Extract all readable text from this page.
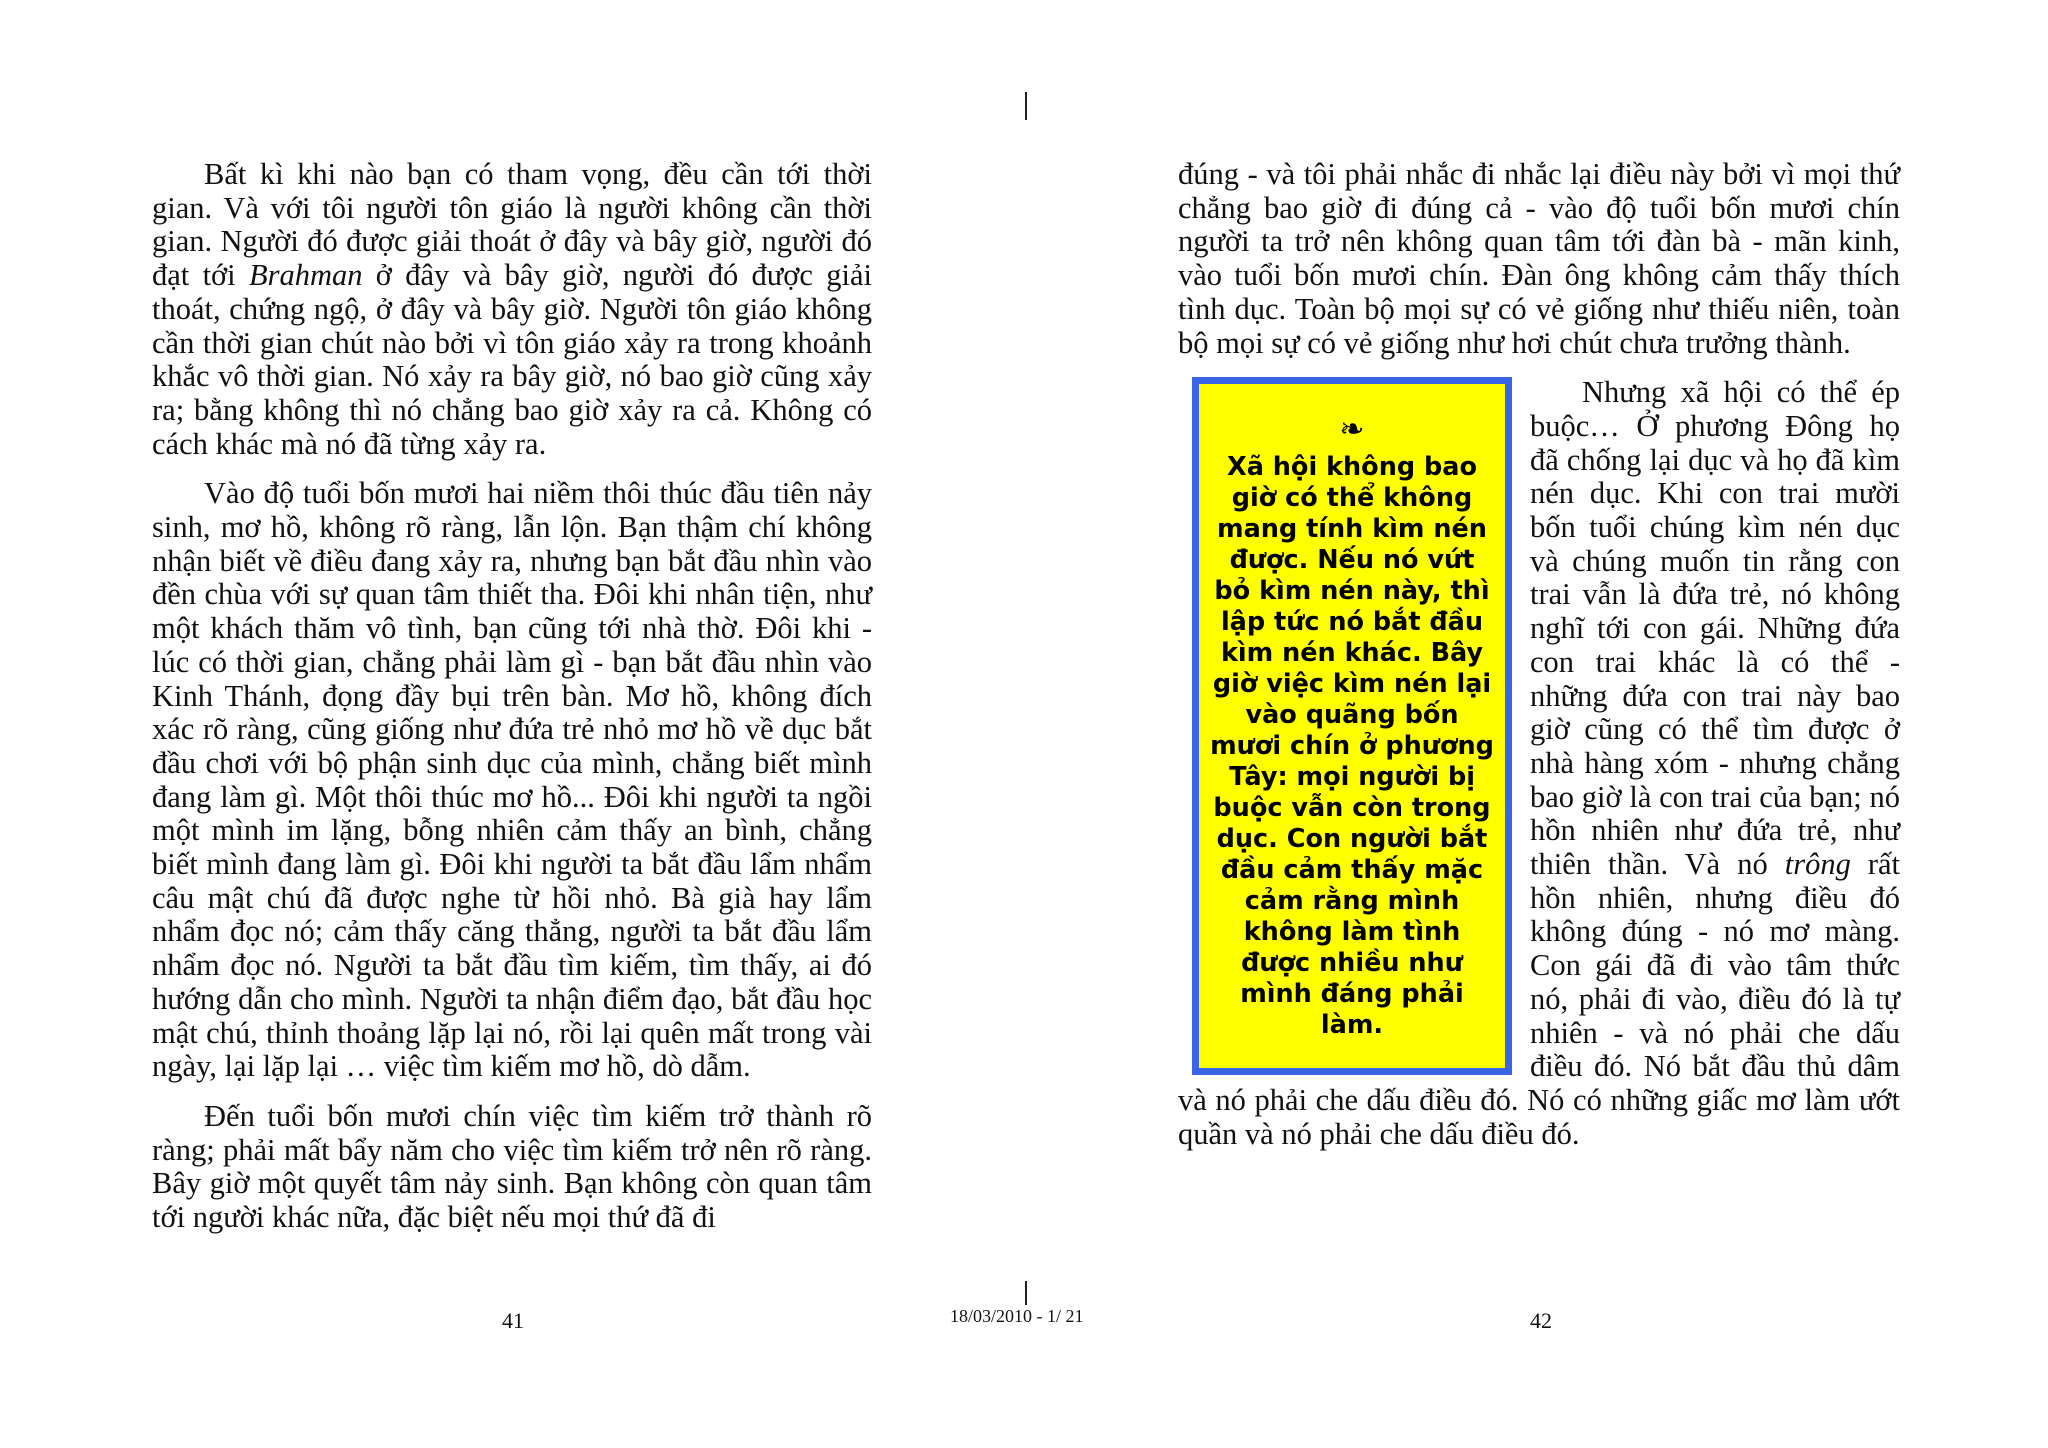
Bất kì khi nào bạn có tham vọng, đều cần tới thời gian. Và với tôi người tôn giáo là người không cần thời gian. Người đó được giải thoát ở đây và bây giờ, người đó đạt tới Brahman ở đây và bây giờ, người đó được giải thoát, chứng ngộ, ở đây và bây giờ. Người tôn giáo không cần thời gian chút nào bởi vì tôn giáo xảy ra trong khoảnh khắc vô thời gian. Nó xảy ra bây giờ, nó bao giờ cũng xảy ra; bằng không thì nó chẳng bao giờ xảy ra cả. Không có cách khác mà nó đã từng xảy ra.

Vào độ tuổi bốn mươi hai niềm thôi thúc đầu tiên nảy sinh, mơ hồ, không rõ ràng, lẫn lộn. Bạn thậm chí không nhận biết về điều đang xảy ra, nhưng bạn bắt đầu nhìn vào đền chùa với sự quan tâm thiết tha. Đôi khi nhân tiện, như một khách thăm vô tình, bạn cũng tới nhà thờ. Đôi khi - lúc có thời gian, chẳng phải làm gì - bạn bắt đầu nhìn vào Kinh Thánh, đọng đầy bụi trên bàn. Mơ hồ, không đích xác rõ ràng, cũng giống như đứa trẻ nhỏ mơ hồ về dục bắt đầu chơi với bộ phận sinh dục của mình, chẳng biết mình đang làm gì. Một thôi thúc mơ hồ... Đôi khi người ta ngồi một mình im lặng, bỗng nhiên cảm thấy an bình, chẳng biết mình đang làm gì. Đôi khi người ta bắt đầu lẩm nhẩm câu mật chú đã được nghe từ hồi nhỏ. Bà già hay lẩm nhẩm đọc nó; cảm thấy căng thẳng, người ta bắt đầu lẩm nhẩm đọc nó. Người ta bắt đầu tìm kiếm, tìm thấy, ai đó hướng dẫn cho mình. Người ta nhận điểm đạo, bắt đầu học mật chú, thỉnh thoảng lặp lại nó, rồi lại quên mất trong vài ngày, lại lặp lại … việc tìm kiếm mơ hồ, dò dẫm.

Đến tuổi bốn mươi chín việc tìm kiếm trở thành rõ ràng; phải mất bẩy năm cho việc tìm kiếm trở nên rõ ràng. Bây giờ một quyết tâm nảy sinh. Bạn không còn quan tâm tới người khác nữa, đặc biệt nếu mọi thứ đã đi

đúng - và tôi phải nhắc đi nhắc lại điều này bởi vì mọi thứ chẳng bao giờ đi đúng cả - vào độ tuổi bốn mươi chín người ta trở nên không quan tâm tới đàn bà - mãn kinh, vào tuổi bốn mươi chín. Đàn ông không cảm thấy thích tình dục. Toàn bộ mọi sự có vẻ giống như thiếu niên, toàn bộ mọi sự có vẻ giống như hơi chút chưa trưởng thành.

❧
Xã hội không bao giờ có thể không mang tính kìm nén được. Nếu nó vứt bỏ kìm nén này, thì lập tức nó bắt đầu kìm nén khác. Bây giờ việc kìm nén lại vào quãng bốn mươi chín ở phương Tây: mọi người bị buộc vẫn còn trong dục. Con người bắt đầu cảm thấy mặc cảm rằng mình không làm tình được nhiều như mình đáng phải làm.

Nhưng xã hội có thể ép buộc… Ở phương Đông họ đã chống lại dục và họ đã kìm nén dục. Khi con trai mười bốn tuổi chúng kìm nén dục và chúng muốn tin rằng con trai vẫn là đứa trẻ, nó không nghĩ tới con gái. Những đứa con trai khác là có thể - những đứa con trai này bao giờ cũng có thể tìm được ở nhà hàng xóm - nhưng chẳng bao giờ là con trai của bạn; nó hồn nhiên như đứa trẻ, như thiên thần. Và nó trông rất hồn nhiên, nhưng điều đó không đúng - nó mơ màng. Con gái đã đi vào tâm thức nó, phải đi vào, điều đó là tự nhiên - và nó phải che dấu điều đó. Nó bắt đầu thủ dâm và nó phải che dấu điều đó. Nó có những giấc mơ làm ướt quần và nó phải che dấu điều đó.

41	18/03/2010 - 1/ 21	42
